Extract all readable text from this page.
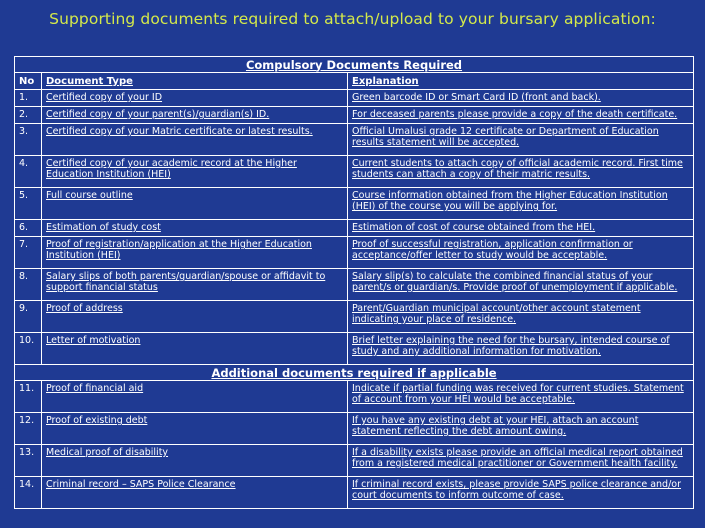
Supporting documents required to attach/upload to your bursary application:
Compulsory Documents Required		
No	Document Type	Explanation
1.	Certified copy of your ID	Green barcode ID or Smart Card ID (front and back).
2.	Certified copy of your parent(s)/guardian(s) ID.	For deceased parents please provide a copy of the death certificate.
3.	Certified copy of your Matric certificate or latest results.	Official Umalusi grade 12 certificate or Department of Education results statement will be accepted.
4.	Certified copy of your academic record at the Higher Education Institution (HEI)	Current students to attach copy of official academic record. First time students can attach a copy of their matric results.
5.	Full course outline	Course information obtained from the Higher Education Institution (HEI) of the course you will be applying for.
6.	Estimation of study cost	Estimation of cost of course obtained from the HEI.
7.	Proof of registration/application at the Higher Education Institution (HEI)	Proof of successful registration, application confirmation or acceptance/offer letter to study would be acceptable.
8.	Salary slips of both parents/guardian/spouse or affidavit to support financial status	Salary slip(s) to calculate the combined financial status of your parent/s or guardian/s. Provide proof of unemployment if applicable.
9.	Proof of address	Parent/Guardian municipal account/other account statement indicating your place of residence.
10.	Letter of motivation	Brief letter explaining the need for the bursary, intended course of study and any additional information for motivation.
Additional documents required if applicable		
11.	Proof of financial aid	Indicate if partial funding was received for current studies. Statement of account from your HEI would be acceptable.
12.	Proof of existing debt	If you have any existing debt at your HEI, attach an account statement reflecting the debt amount owing.
13.	Medical proof of disability	If a disability exists please provide an official medical report obtained from a registered medical practitioner or Government health facility.
14.	Criminal record – SAPS Police Clearance	If criminal record exists, please provide SAPS police clearance and/or court documents to inform outcome of case.
